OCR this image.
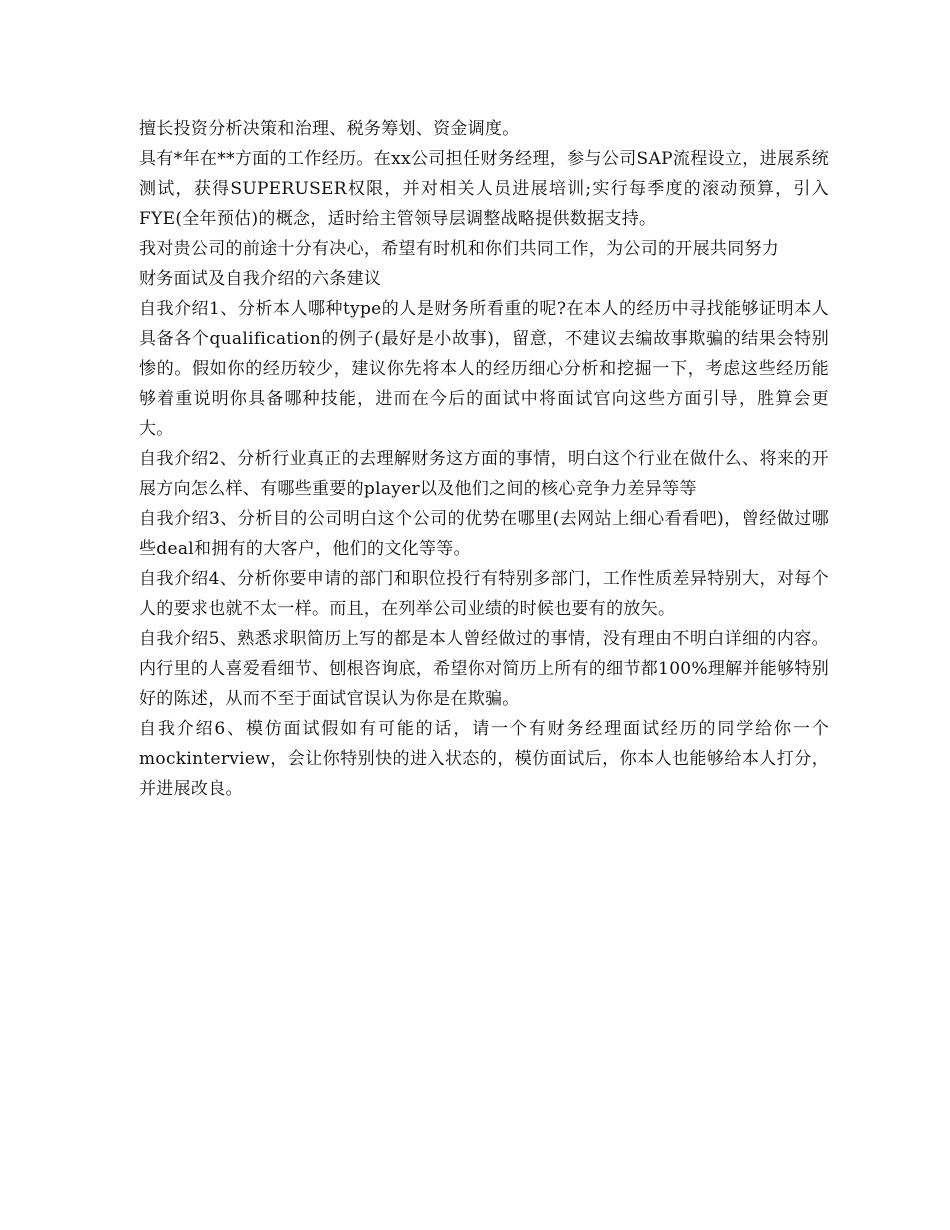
擅长投资分析决策和治理、税务筹划、资金调度。

具有*年在**方面的工作经历。在xx公司担任财务经理，参与公司SAP流程设立，进展系统测试，获得SUPERUSER权限，并对相关人员进展培训;实行每季度的滚动预算，引入FYE(全年预估)的概念，适时给主管领导层调整战略提供数据支持。

我对贵公司的前途十分有决心，希望有时机和你们共同工作，为公司的开展共同努力

财务面试及自我介绍的六条建议

自我介绍1、分析本人哪种type的人是财务所看重的呢?在本人的经历中寻找能够证明本人具备各个qualification的例子(最好是小故事)，留意，不建议去编故事欺骗的结果会特别惨的。假如你的经历较少，建议你先将本人的经历细心分析和挖掘一下，考虑这些经历能够着重说明你具备哪种技能，进而在今后的面试中将面试官向这些方面引导，胜算会更大。

自我介绍2、分析行业真正的去理解财务这方面的事情，明白这个行业在做什么、将来的开展方向怎么样、有哪些重要的player以及他们之间的核心竞争力差异等等

自我介绍3、分析目的公司明白这个公司的优势在哪里(去网站上细心看看吧)，曾经做过哪些deal和拥有的大客户，他们的文化等等。

自我介绍4、分析你要申请的部门和职位投行有特别多部门，工作性质差异特别大，对每个人的要求也就不太一样。而且，在列举公司业绩的时候也要有的放矢。

自我介绍5、熟悉求职简历上写的都是本人曾经做过的事情，没有理由不明白详细的内容。内行里的人喜爱看细节、刨根咨询底，希望你对简历上所有的细节都100%理解并能够特别好的陈述，从而不至于面试官误认为你是在欺骗。

自我介绍6、模仿面试假如有可能的话，请一个有财务经理面试经历的同学给你一个mockinterview，会让你特别快的进入状态的，模仿面试后，你本人也能够给本人打分，并进展改良。
